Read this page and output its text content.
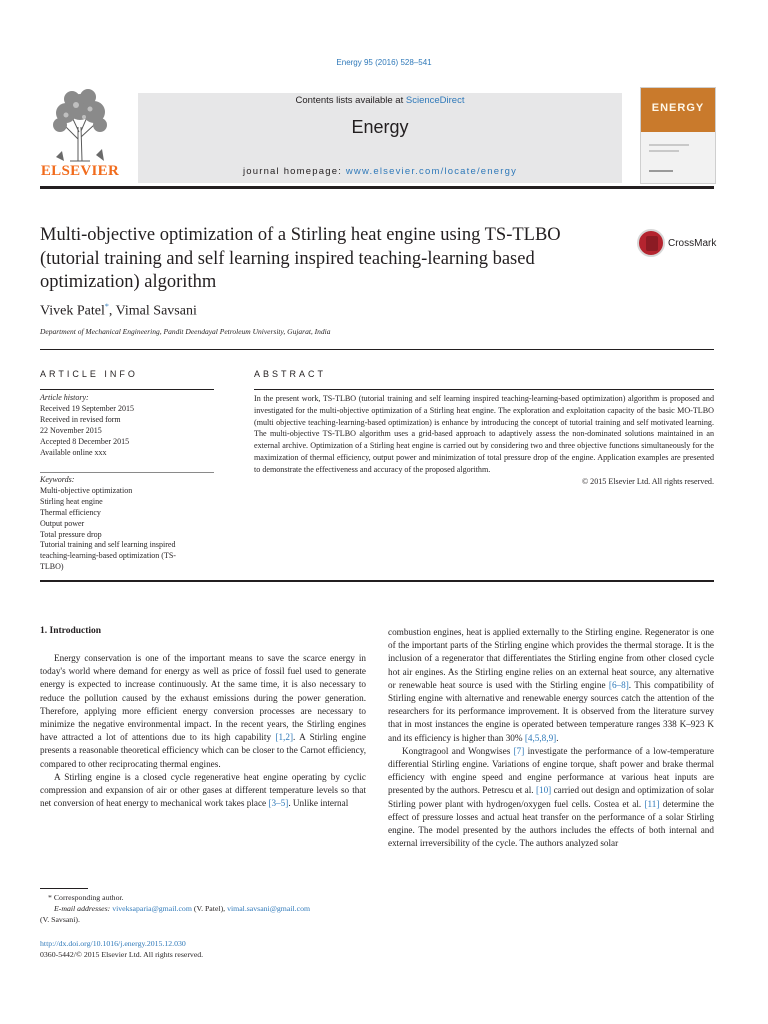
Energy 95 (2016) 528–541
ELSEVIER
Contents lists available at ScienceDirect
Energy
journal homepage: www.elsevier.com/locate/energy
ENERGY
Multi-objective optimization of a Stirling heat engine using TS-TLBO (tutorial training and self learning inspired teaching-learning based optimization) algorithm
CrossMark
Vivek Patel*, Vimal Savsani
Department of Mechanical Engineering, Pandit Deendayal Petroleum University, Gujarat, India
ARTICLE INFO
Article history:
Received 19 September 2015
Received in revised form
22 November 2015
Accepted 8 December 2015
Available online xxx
Keywords:
Multi-objective optimization
Stirling heat engine
Thermal efficiency
Output power
Total pressure drop
Tutorial training and self learning inspired
teaching-learning-based optimization (TS-
TLBO)
ABSTRACT
In the present work, TS-TLBO (tutorial training and self learning inspired teaching-learning-based optimization) algorithm is proposed and investigated for the multi-objective optimization of a Stirling heat engine. The exploration and exploitation capacity of the basic MO-TLBO (multi objective teaching-learning-based optimization) is enhance by introducing the concept of tutorial training and self motivated learning. The multi-objective TS-TLBO algorithm uses a grid-based approach to adaptively assess the non-dominated solutions maintained in an external archive. Optimization of a Stirling heat engine is carried out by considering two and three objective functions simultaneously for the maximization of thermal efficiency, output power and minimization of total pressure drop of the engine. Application examples are presented to demonstrate the effectiveness and accuracy of the proposed algorithm.
© 2015 Elsevier Ltd. All rights reserved.
1. Introduction

Energy conservation is one of the important means to save the scarce energy in today's world where demand for energy as well as price of fossil fuel used to generate energy is expected to increase continuously. At the same time, it is also necessary to reduce the pollution caused by the exhaust emissions during the power generation. Therefore, applying more efficient energy conversion processes are necessary to minimize the negative environmental impact. In the recent years, the Stirling engines have attracted a lot of attentions due to its high capability [1,2]. A Stirling engine presents a reasonable theoretical efficiency which can be closer to the Carnot efficiency, compared to other reciprocating thermal engines.

A Stirling engine is a closed cycle regenerative heat engine operating by cyclic compression and expansion of air or other gases at different temperature levels so that net conversion of heat energy to mechanical work takes place [3–5]. Unlike internal

combustion engines, heat is applied externally to the Stirling engine. Regenerator is one of the important parts of the Stirling engine which provides the thermal storage. It is the inclusion of a regenerator that differentiates the Stirling engine from other closed cycle hot air engines. As the Stirling engine relies on an external heat source, any alternative or renewable heat source is used with the Stirling engine [6–8]. This compatibility of Stirling engine with alternative and renewable energy sources catch the attention of the researchers for its performance improvement. It is observed from the literature survey that in most instances the engine is operated between temperature ranges 338 K–923 K and its efficiency is higher than 30% [4,5,8,9].

Kongtragool and Wongwises [7] investigate the performance of a low-temperature differential Stirling engine. Variations of engine torque, shaft power and brake thermal efficiency with engine speed and engine performance at various heat inputs are presented by the authors. Petrescu et al. [10] carried out design and optimization of solar Stirling power plant with hydrogen/oxygen fuel cells. Costea et al. [11] determine the effect of pressure losses and actual heat transfer on the performance of a solar Stirling engine. The model presented by the authors includes the effects of both internal and external irreversibility of the cycle. The authors analyzed solar

* Corresponding author.
E-mail addresses: viveksaparia@gmail.com (V. Patel), vimal.savsani@gmail.com
(V. Savsani).
http://dx.doi.org/10.1016/j.energy.2015.12.030
0360-5442/© 2015 Elsevier Ltd. All rights reserved.
